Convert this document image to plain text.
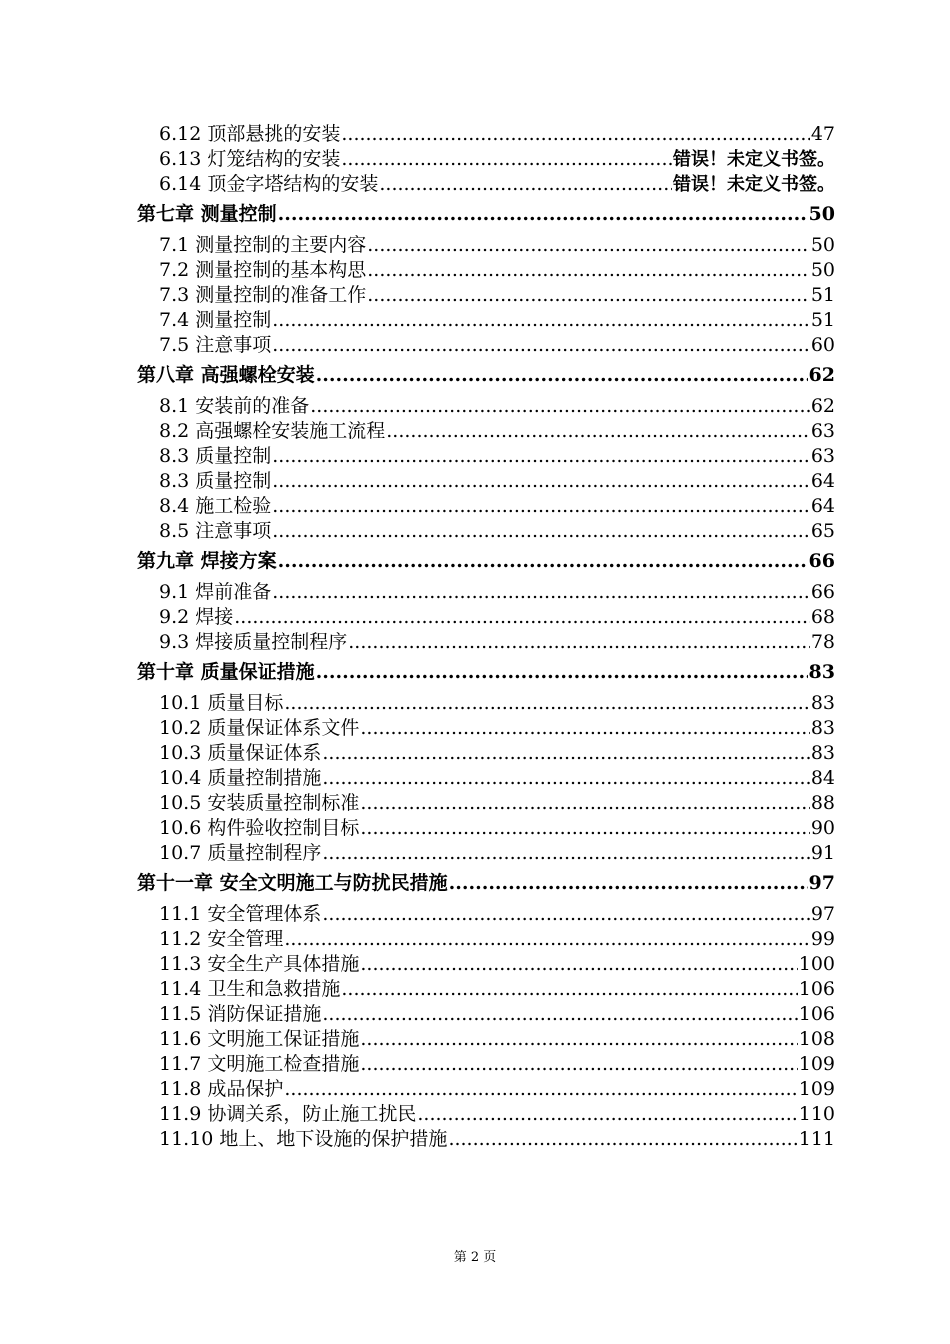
6.12 顶部悬挑的安装 .....	47
6.13 灯笼结构的安装 .....	错误！未定义书签。
6.14 顶金字塔结构的安装 .....	错误！未定义书签。
第七章 测量控制 .....	50
7.1 测量控制的主要内容 .....	50
7.2 测量控制的基本构思 .....	50
7.3 测量控制的准备工作 .....	51
7.4 测量控制 .....	51
7.5 注意事项 .....	60
第八章 高强螺栓安装 .....	62
8.1 安装前的准备 .....	62
8.2 高强螺栓安装施工流程 .....	63
8.3 质量控制 .....	63
8.3 质量控制 .....	64
8.4 施工检验 .....	64
8.5 注意事项 .....	65
第九章 焊接方案 .....	66
9.1 焊前准备 .....	66
9.2 焊接 .....	68
9.3 焊接质量控制程序 .....	78
第十章 质量保证措施 .....	83
10.1 质量目标 .....	83
10.2 质量保证体系文件 .....	83
10.3 质量保证体系 .....	83
10.4 质量控制措施 .....	84
10.5 安装质量控制标准 .....	88
10.6 构件验收控制目标 .....	90
10.7 质量控制程序 .....	91
第十一章 安全文明施工与防扰民措施 .....	97
11.1 安全管理体系 .....	97
11.2 安全管理 .....	99
11.3 安全生产具体措施 .....	100
11.4 卫生和急救措施 .....	106
11.5 消防保证措施 .....	106
11.6 文明施工保证措施 .....	108
11.7 文明施工检查措施 .....	109
11.8 成品保护 .....	109
11.9 协调关系，防止施工扰民 .....	110
11.10 地上、地下设施的保护措施 .....	111
第 2 页
